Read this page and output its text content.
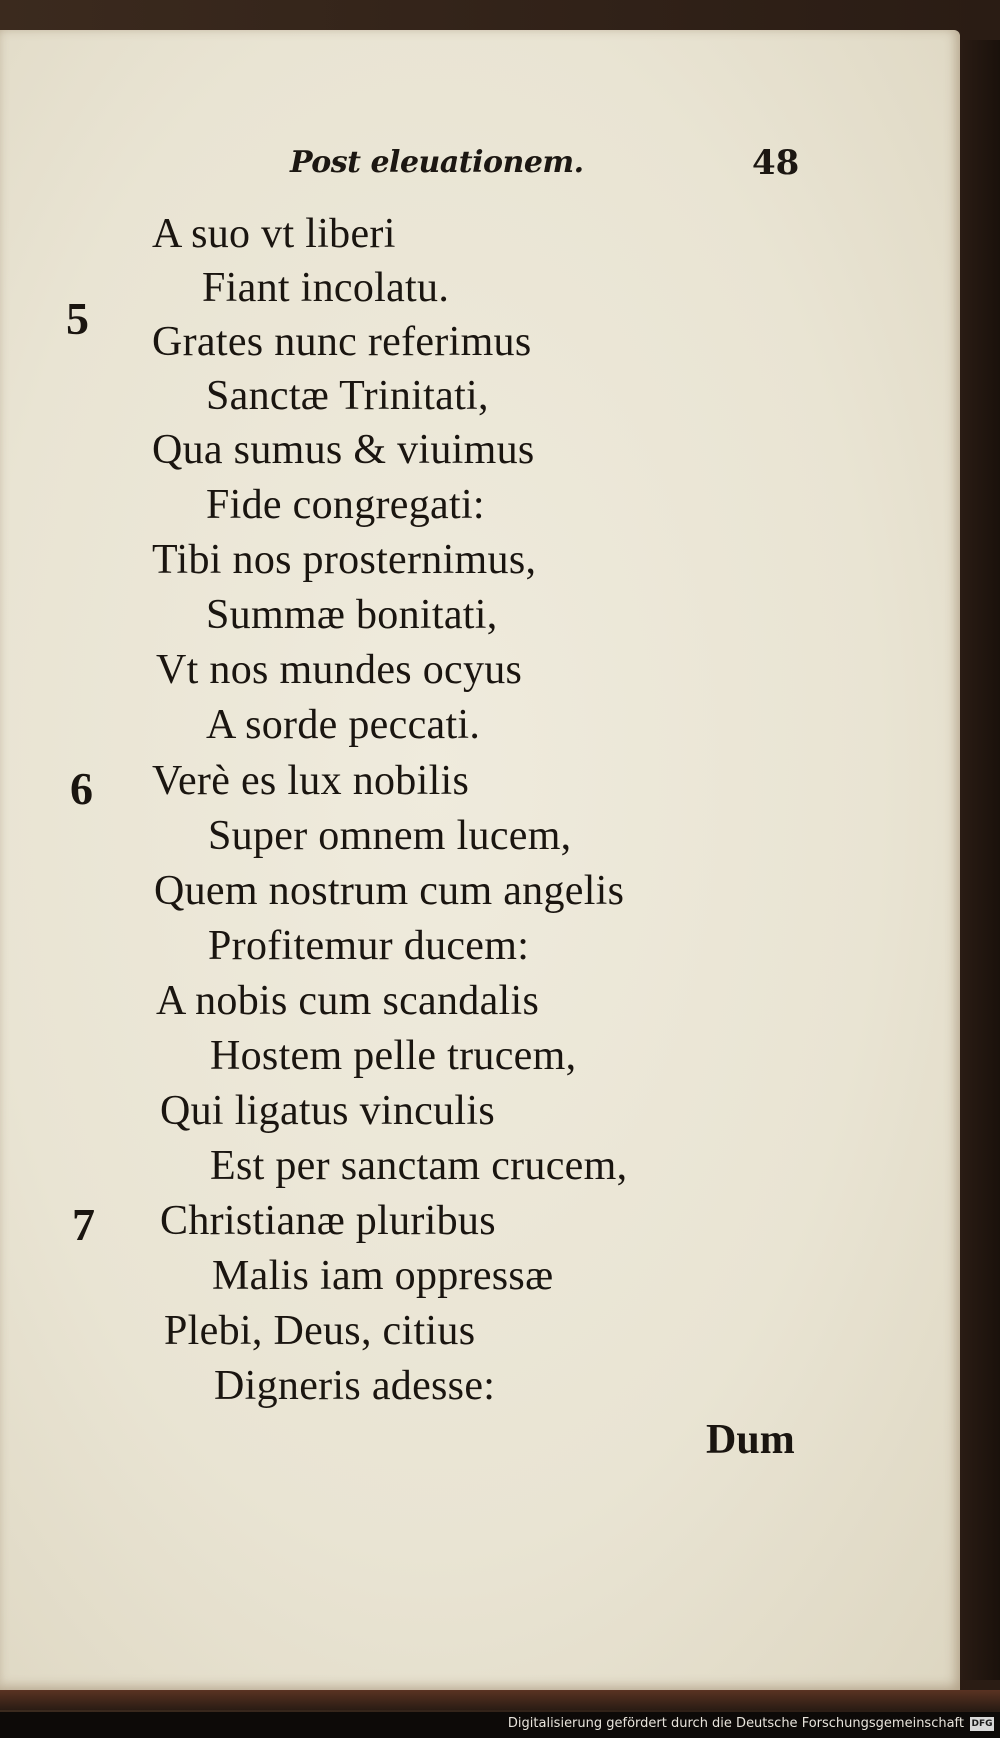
Post eleuationem.	48
5
6
7
A suo vt liberi
Fiant incolatu.
Grates nunc referimus
Sanctæ Trinitati,
Qua sumus & viuimus
Fide congregati:
Tibi nos prosternimus,
Summæ bonitati,
Vt nos mundes ocyus
A sorde peccati.
Verè es lux nobilis
Super omnem lucem,
Quem nostrum cum angelis
Profitemur ducem:
A nobis cum scandalis
Hostem pelle trucem,
Qui ligatus vinculis
Est per sanctam crucem,
Christianæ pluribus
Malis iam oppressæ
Plebi, Deus, citius
Digneris adesse:
Dum
Digitalisierung gefördert durch die Deutsche Forschungsgemeinschaft DFG
